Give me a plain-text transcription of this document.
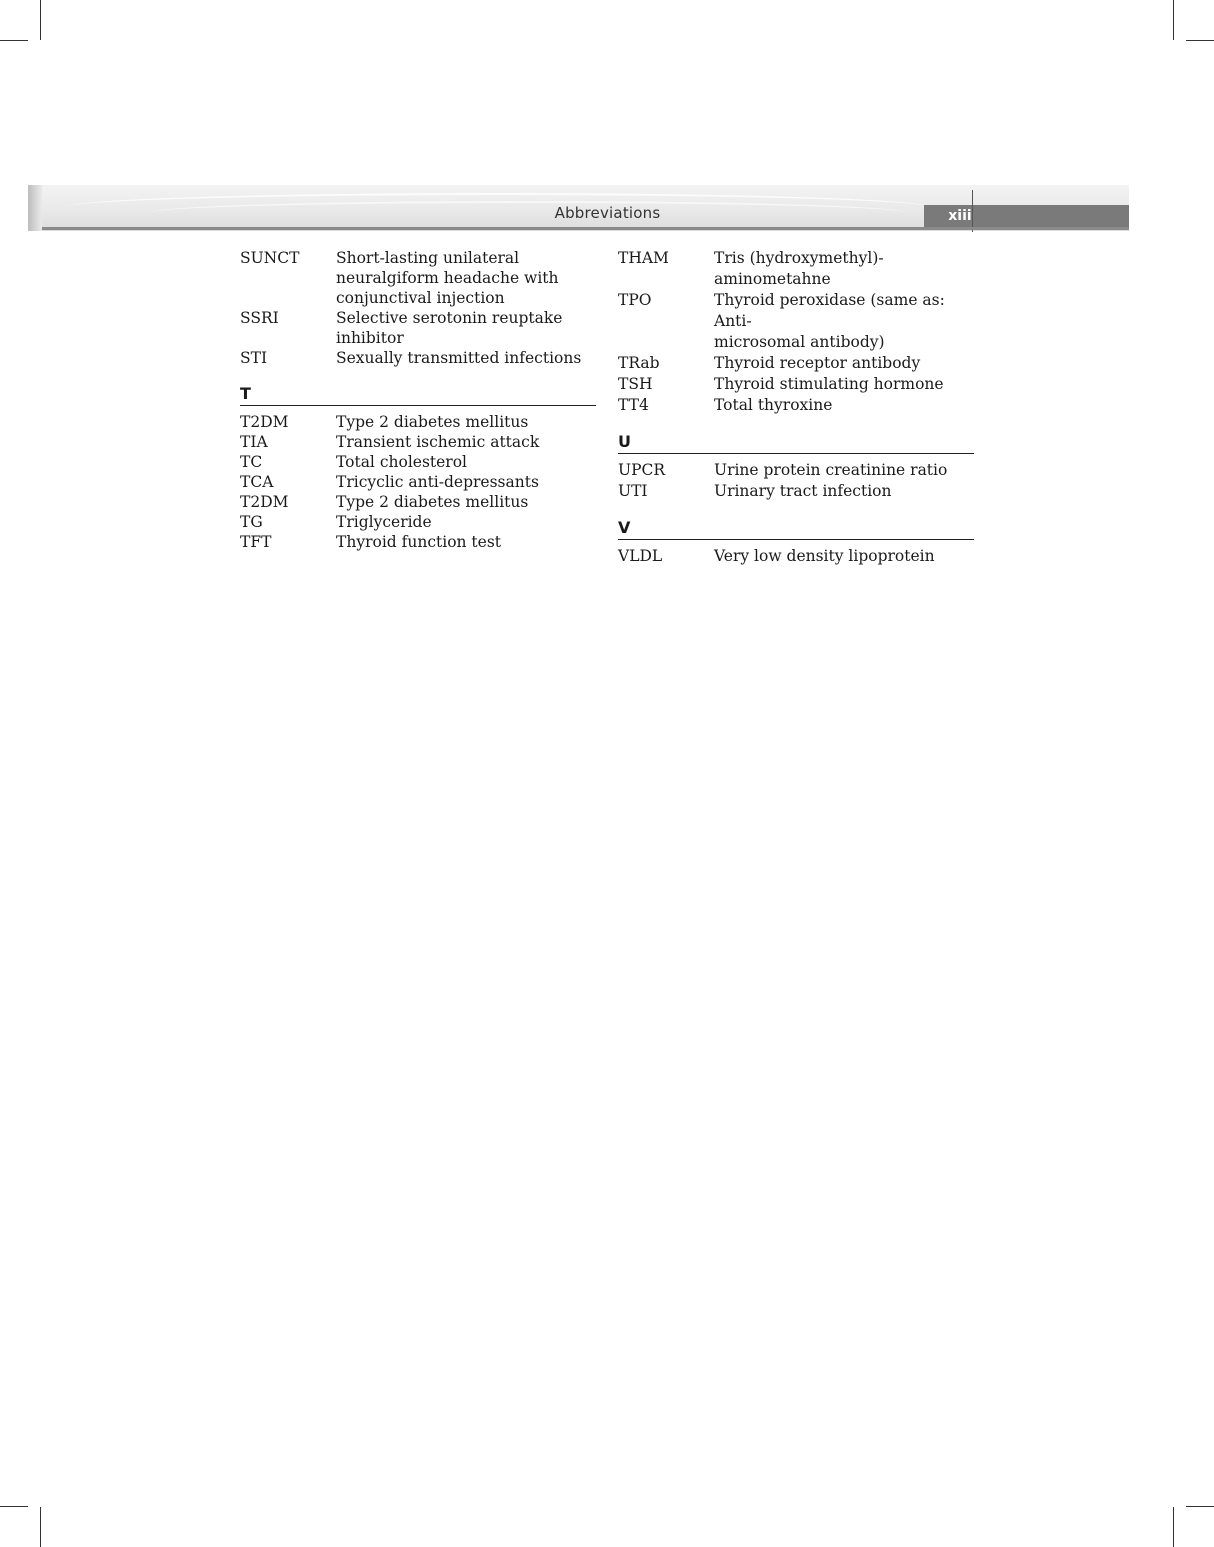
Abbreviations	xiii
SUNCT	Short-lasting unilateral
neuralgiform headache with
conjunctival injection
SSRI	Selective serotonin reuptake
inhibitor
STI	Sexually transmitted infections
T
T2DM	Type 2 diabetes mellitus
TIA	Transient ischemic attack
TC	Total cholesterol
TCA	Tricyclic anti-depressants
T2DM	Type 2 diabetes mellitus
TG	Triglyceride
TFT	Thyroid function test
THAM	Tris (hydroxymethyl)-
aminometahne
TPO	Thyroid peroxidase (same as: Anti-
microsomal antibody)
TRab	Thyroid receptor antibody
TSH	Thyroid stimulating hormone
TT4	Total thyroxine
U
UPCR	Urine protein creatinine ratio
UTI	Urinary tract infection
V
VLDL	Very low density lipoprotein
